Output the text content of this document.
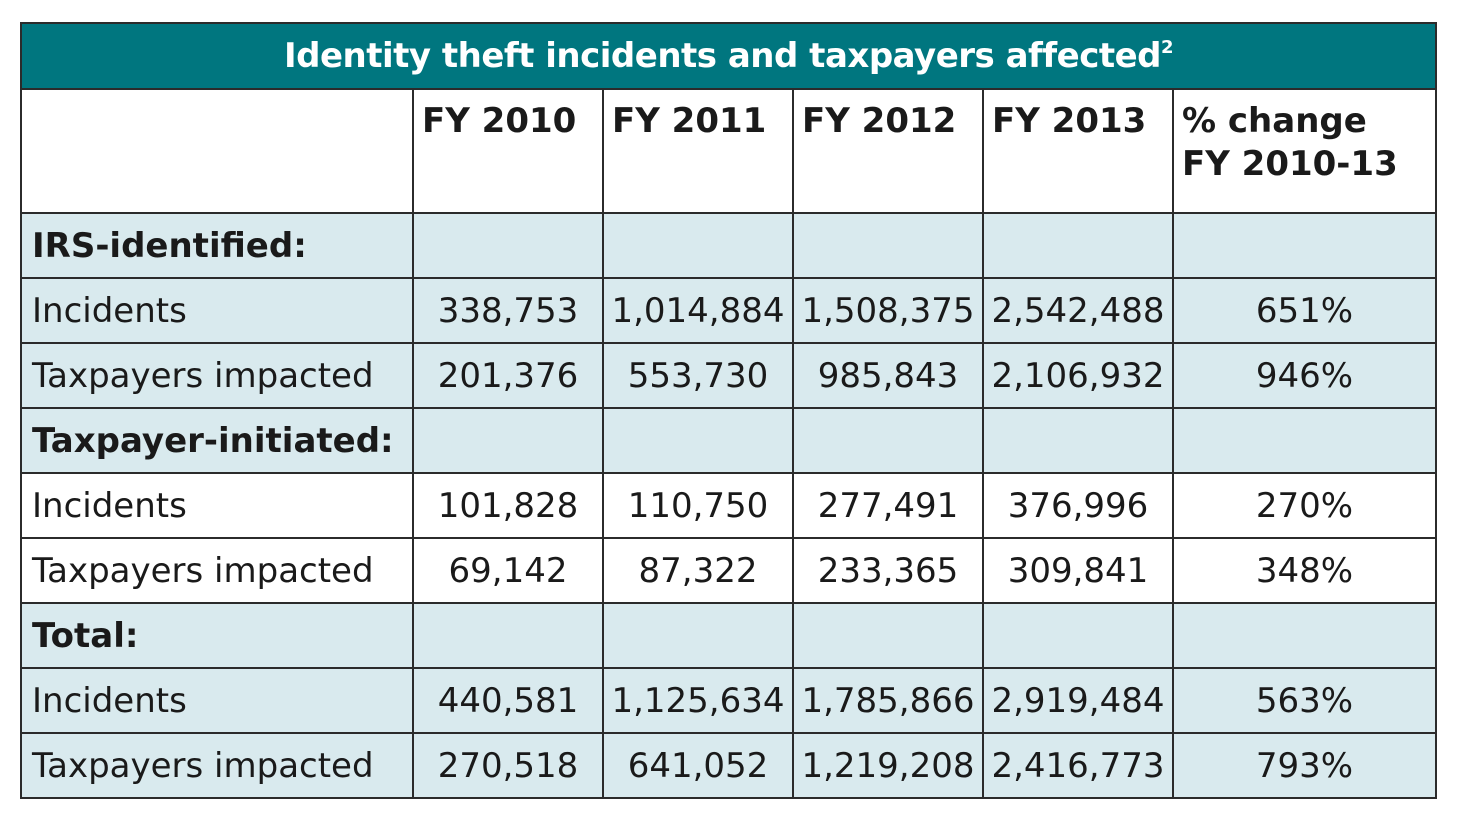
Identity theft incidents and taxpayers affected$^2$
	FY 2010	FY 2011	FY 2012	FY 2013	% change
FY 2010-13
IRS-identified:					
Incidents	338,753	1,014,884	1,508,375	2,542,488	651%
Taxpayers impacted	201,376	553,730	985,843	2,106,932	946%
Taxpayer-initiated:					
Incidents	101,828	110,750	277,491	376,996	270%
Taxpayers impacted	69,142	87,322	233,365	309,841	348%
Total:					
Incidents	440,581	1,125,634	1,785,866	2,919,484	563%
Taxpayers impacted	270,518	641,052	1,219,208	2,416,773	793%
